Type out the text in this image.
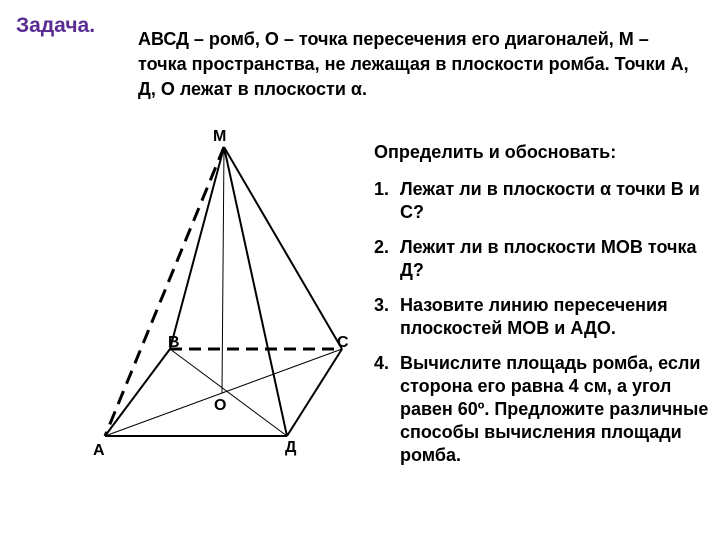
Задача.
АВСД – ромб, О – точка пересечения его диагоналей, М – точка пространства, не лежащая в плоскости ромба. Точки А, Д, О лежат в плоскости α.
Определить и обосновать:
1. Лежат ли в плоскости α точки В и С?
2. Лежит ли в плоскости МОВ точка Д?
3. Назовите линию пересечения плоскостей МОВ и АДО.
4. Вычислите площадь ромба, если сторона его равна 4 см, а угол равен 60º. Предложите различные способы вычисления площади ромба.
М
В	С
О
А	Д
